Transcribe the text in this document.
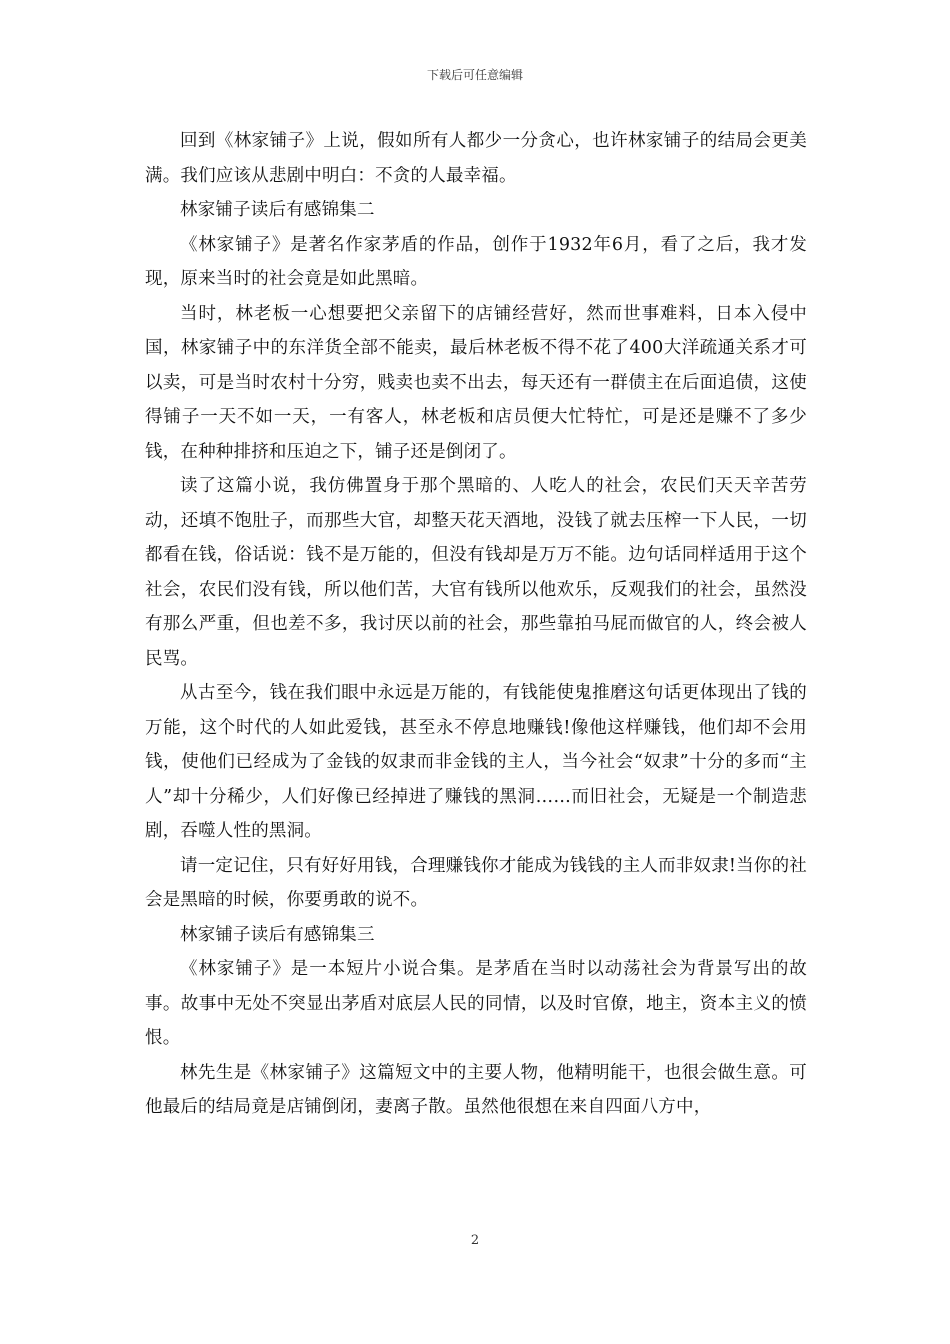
下载后可任意编辑

回到《林家铺子》上说，假如所有人都少一分贪心，也许林家铺子的结局会更美满。我们应该从悲剧中明白：不贪的人最幸福。

林家铺子读后有感锦集二

《林家铺子》是著名作家茅盾的作品，创作于1932年6月，看了之后，我才发现，原来当时的社会竟是如此黑暗。

当时，林老板一心想要把父亲留下的店铺经营好，然而世事难料，日本入侵中国，林家铺子中的东洋货全部不能卖，最后林老板不得不花了400大洋疏通关系才可以卖，可是当时农村十分穷，贱卖也卖不出去，每天还有一群债主在后面追债，这使得铺子一天不如一天，一有客人，林老板和店员便大忙特忙，可是还是赚不了多少钱，在种种排挤和压迫之下，铺子还是倒闭了。

读了这篇小说，我仿佛置身于那个黑暗的、人吃人的社会，农民们天天辛苦劳动，还填不饱肚子，而那些大官，却整天花天酒地，没钱了就去压榨一下人民，一切都看在钱，俗话说：钱不是万能的，但没有钱却是万万不能。边句话同样适用于这个社会，农民们没有钱，所以他们苦，大官有钱所以他欢乐，反观我们的社会，虽然没有那么严重，但也差不多，我讨厌以前的社会，那些靠拍马屁而做官的人，终会被人民骂。

从古至今，钱在我们眼中永远是万能的，有钱能使鬼推磨这句话更体现出了钱的万能，这个时代的人如此爱钱，甚至永不停息地赚钱!像他这样赚钱，他们却不会用钱，使他们已经成为了金钱的奴隶而非金钱的主人，当今社会“奴隶”十分的多而“主人”却十分稀少，人们好像已经掉进了赚钱的黑洞……而旧社会，无疑是一个制造悲剧，吞噬人性的黑洞。

请一定记住，只有好好用钱，合理赚钱你才能成为钱钱的主人而非奴隶!当你的社会是黑暗的时候，你要勇敢的说不。

林家铺子读后有感锦集三

《林家铺子》是一本短片小说合集。是茅盾在当时以动荡社会为背景写出的故事。故事中无处不突显出茅盾对底层人民的同情，以及时官僚，地主，资本主义的愤恨。

林先生是《林家铺子》这篇短文中的主要人物，他精明能干，也很会做生意。可他最后的结局竟是店铺倒闭，妻离子散。虽然他很想在来自四面八方中，

2
